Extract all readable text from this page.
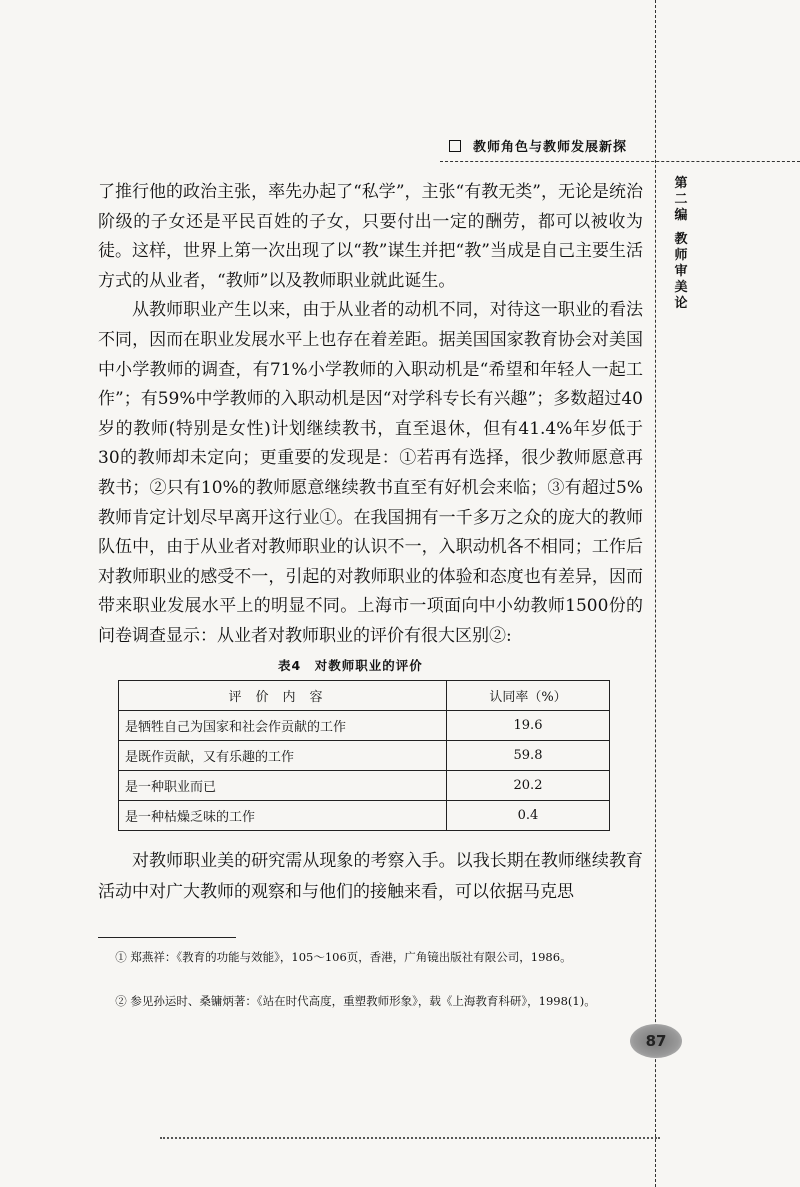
教师角色与教师发展新探
第二编
教师审美论

了推行他的政治主张，率先办起了“私学”，主张“有教无类”，无论是统治阶级的子女还是平民百姓的子女，只要付出一定的酬劳，都可以被收为徒。这样，世界上第一次出现了以“教”谋生并把“教”当成是自己主要生活方式的从业者，“教师”以及教师职业就此诞生。

从教师职业产生以来，由于从业者的动机不同，对待这一职业的看法不同，因而在职业发展水平上也存在着差距。据美国国家教育协会对美国中小学教师的调查，有71%小学教师的入职动机是“希望和年轻人一起工作”；有59%中学教师的入职动机是因“对学科专长有兴趣”；多数超过40岁的教师(特别是女性)计划继续教书，直至退休，但有41.4%年岁低于30的教师却未定向；更重要的发现是：①若再有选择，很少教师愿意再教书；②只有10%的教师愿意继续教书直至有好机会来临；③有超过5%教师肯定计划尽早离开这行业①。在我国拥有一千多万之众的庞大的教师队伍中，由于从业者对教师职业的认识不一，入职动机各不相同；工作后对教师职业的感受不一，引起的对教师职业的体验和态度也有差异，因而带来职业发展水平上的明显不同。上海市一项面向中小幼教师1500份的问卷调查显示：从业者对教师职业的评价有很大区别②:

表4　对教师职业的评价
评价内容	认同率（%）
是牺牲自己为国家和社会作贡献的工作	19.6
是既作贡献，又有乐趣的工作	59.8
是一种职业而已	20.2
是一种枯燥乏味的工作	0.4

对教师职业美的研究需从现象的考察入手。以我长期在教师继续教育活动中对广大教师的观察和与他们的接触来看，可以依据马克思

① 郑燕祥：《教育的功能与效能》，105～106页，香港，广角镜出版社有限公司，1986。
② 参见孙运时、桑镛炳著：《站在时代高度，重塑教师形象》，载《上海教育科研》，1998(1)。
87
